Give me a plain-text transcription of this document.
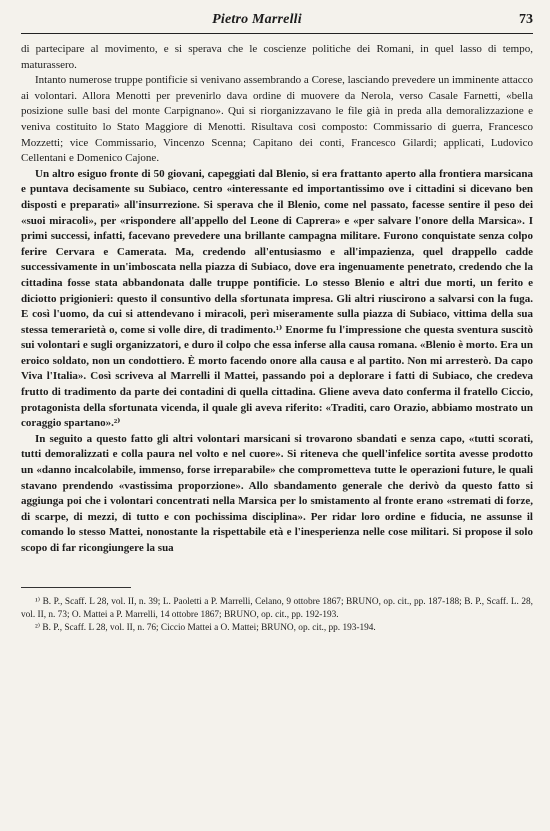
Pietro Marrelli	73

di partecipare al movimento, e si sperava che le coscienze politiche dei Romani, in quel lasso di tempo, maturassero.

Intanto numerose truppe pontificie si venivano assembrando a Corese, lasciando prevedere un imminente attacco ai volontari. Allora Menotti per prevenirlo dava ordine di muovere da Nerola, verso Casale Farnetti, «bella posizione sulle basi del monte Carpignano». Qui si riorganizzavano le file già in preda alla demoralizzazione e veniva costituito lo Stato Maggiore di Menotti. Risultava così composto: Commissario di guerra, Francesco Mozzetti; vice Commissario, Vincenzo Scenna; Capitano dei conti, Francesco Gilardi; applicati, Ludovico Cellentani e Domenico Cajone.

Un altro esiguo fronte di 50 giovani, capeggiati dal Blenio, si era frattanto aperto alla frontiera marsicana e puntava decisamente su Subiaco, centro «interessante ed importantissimo ove i cittadini si dicevano ben disposti e preparati» all'insurrezione. Si sperava che il Blenio, come nel passato, facesse sentire il peso dei «suoi miracoli», per «rispondere all'appello del Leone di Caprera» e «per salvare l'onore della Marsica». I primi successi, infatti, facevano prevedere una brillante campagna militare. Furono conquistate senza colpo ferire Cervara e Camerata. Ma, credendo all'entusiasmo e all'impazienza, quel drappello cadde successivamente in un'imboscata nella piazza di Subiaco, dove era ingenuamente penetrato, credendo che la cittadina fosse stata abbandonata dalle truppe pontificie. Lo stesso Blenio e altri due morti, un ferito e diciotto prigionieri: questo il consuntivo della sfortunata impresa. Gli altri riuscirono a salvarsi con la fuga. E così l'uomo, da cui si attendevano i miracoli, perì miseramente sulla piazza di Subiaco, vittima della sua stessa temerarietà o, come si volle dire, di tradimento.¹⁾ Enorme fu l'impressione che questa sventura suscitò sui volontari e sugli organizzatori, e duro il colpo che essa inferse alla causa romana. «Blenio è morto. Era un eroico soldato, non un condottiero. È morto facendo onore alla causa e al partito. Non mi arresterò. Da capo Viva l'Italia». Così scriveva al Marrelli il Mattei, passando poi a deplorare i fatti di Subiaco, che credeva frutto di tradimento da parte dei contadini di quella cittadina. Gliene aveva dato conferma il fratello Ciccio, protagonista della sfortunata vicenda, il quale gli aveva riferito: «Traditi, caro Orazio, abbiamo mostrato un coraggio spartano».²⁾

In seguito a questo fatto gli altri volontari marsicani si trovarono sbandati e senza capo, «tutti scorati, tutti demoralizzati e colla paura nel volto e nel cuore». Si riteneva che quell'infelice sortita avesse prodotto un «danno incalcolabile, immenso, forse irreparabile» che comprometteva tutte le operazioni future, le quali stavano prendendo «vastissima proporzione». Allo sbandamento generale che derivò da questo fatto si aggiunga poi che i volontari concentrati nella Marsica per lo smistamento al fronte erano «stremati di forze, di scarpe, di mezzi, di tutto e con pochissima disciplina». Per ridar loro ordine e fiducia, ne assunse il comando lo stesso Mattei, nonostante la rispettabile età e l'inesperienza nelle cose militari. Si propose il solo scopo di far ricongiungere la sua

¹⁾ B. P., Scaff. L 28, vol. II, n. 39; L. Paoletti a P. Marrelli, Celano, 9 ottobre 1867; BRUNO, op. cit., pp. 187-188; B. P., Scaff. L. 28, vol. II, n. 73; O. Mattei a P. Marrelli, 14 ottobre 1867; BRUNO, op. cit., pp. 192-193.

²⁾ B. P., Scaff. L 28, vol. II, n. 76; Ciccio Mattei a O. Mattei; BRUNO, op. cit., pp. 193-194.
